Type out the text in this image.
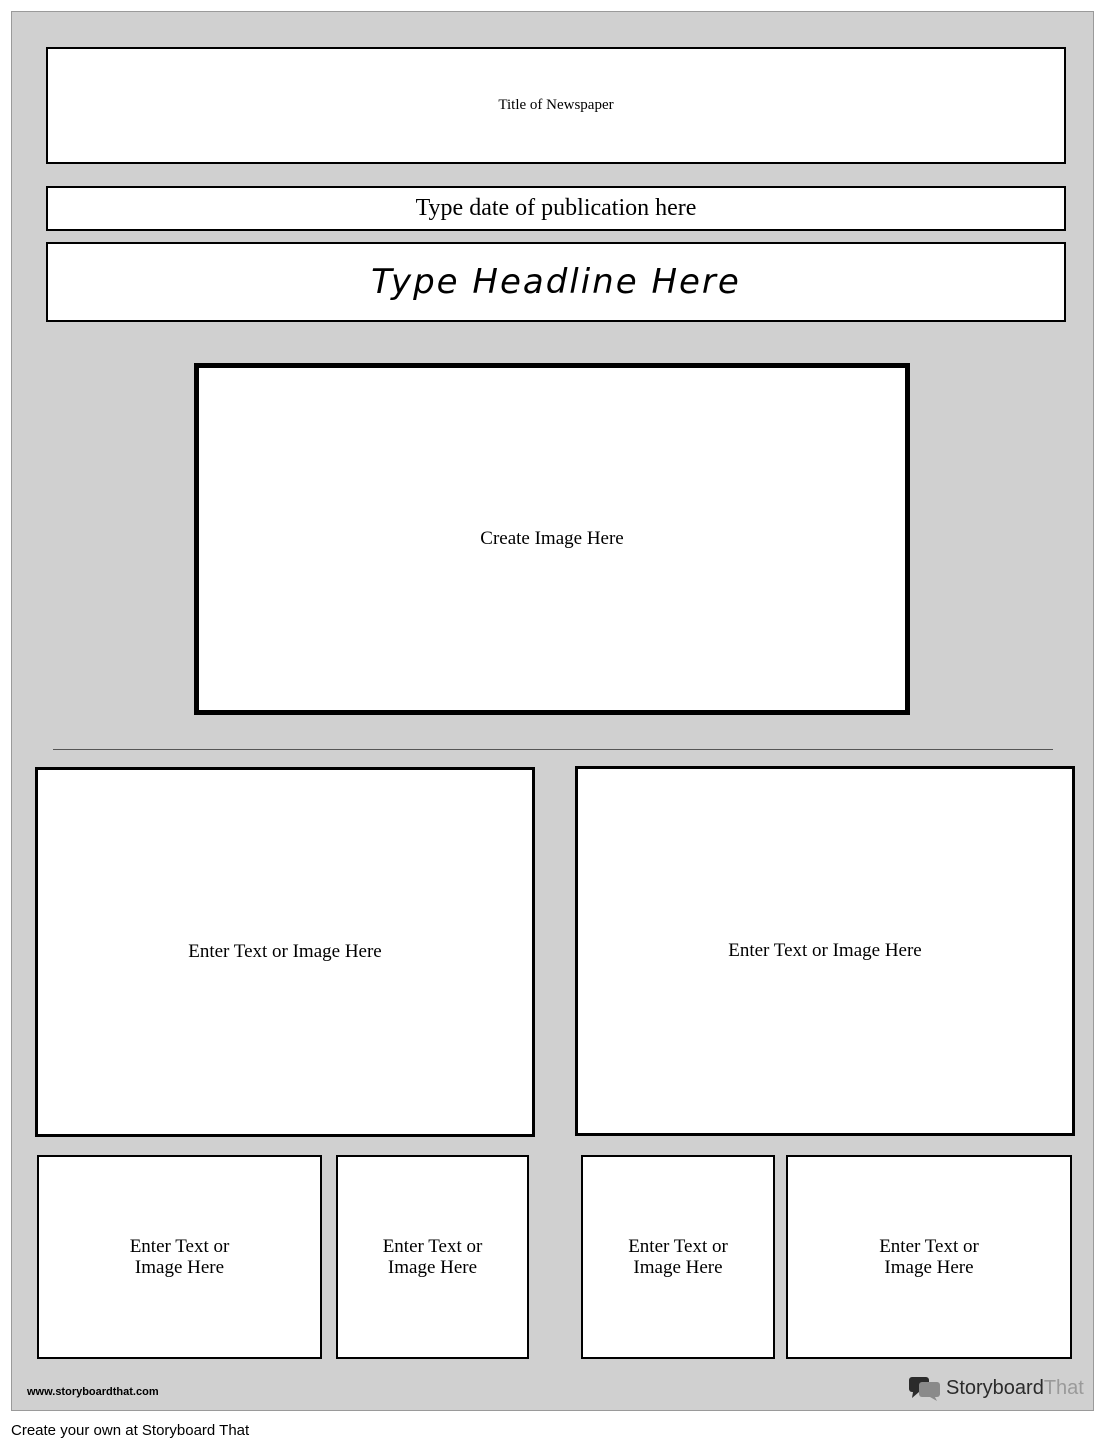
Title of Newspaper
Type date of publication here
Type Headline Here
Create Image Here
Enter Text or Image Here	Enter Text or Image Here
Enter Text or
Image Here
Enter Text or
Image Here
Enter Text or
Image Here
Enter Text or
Image Here
www.storyboardthat.com	Storyboard That
Create your own at Storyboard That
